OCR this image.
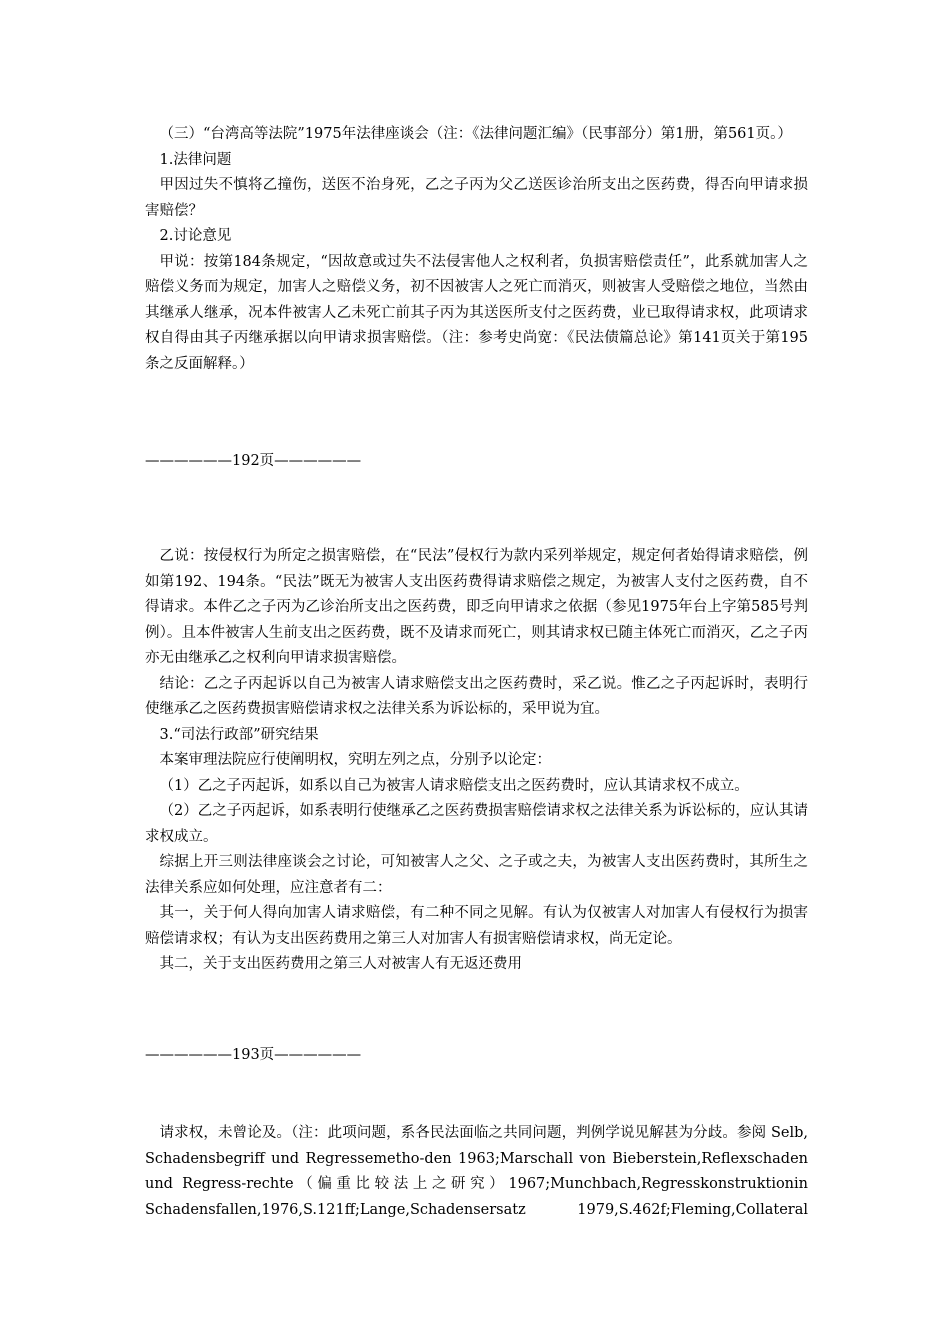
（三）“台湾高等法院”1975年法律座谈会（注：《法律问题汇编》（民事部分）第1册，第561页。）

1.法律问题

甲因过失不慎将乙撞伤，送医不治身死，乙之子丙为父乙送医诊治所支出之医药费，得否向甲请求损害赔偿？

2.讨论意见

甲说：按第184条规定，“因故意或过失不法侵害他人之权利者，负损害赔偿责任”，此系就加害人之赔偿义务而为规定，加害人之赔偿义务，初不因被害人之死亡而消灭，则被害人受赔偿之地位，当然由其继承人继承，况本件被害人乙未死亡前其子丙为其送医所支付之医药费，业已取得请求权，此项请求权自得由其子丙继承据以向甲请求损害赔偿。（注：参考史尚宽：《民法债篇总论》第141页关于第195条之反面解释。）

——————192页——————

乙说：按侵权行为所定之损害赔偿，在“民法”侵权行为款内采列举规定，规定何者始得请求赔偿，例如第192、194条。“民法”既无为被害人支出医药费得请求赔偿之规定，为被害人支付之医药费，自不得请求。本件乙之子丙为乙诊治所支出之医药费，即乏向甲请求之依据（参见1975年台上字第585号判例）。且本件被害人生前支出之医药费，既不及请求而死亡，则其请求权已随主体死亡而消灭，乙之子丙亦无由继承乙之权利向甲请求损害赔偿。

结论：乙之子丙起诉以自己为被害人请求赔偿支出之医药费时，采乙说。惟乙之子丙起诉时，表明行使继承乙之医药费损害赔偿请求权之法律关系为诉讼标的，采甲说为宜。

3.“司法行政部”研究结果

本案审理法院应行使阐明权，究明左列之点，分别予以论定：

（1）乙之子丙起诉，如系以自己为被害人请求赔偿支出之医药费时，应认其请求权不成立。

（2）乙之子丙起诉，如系表明行使继承乙之医药费损害赔偿请求权之法律关系为诉讼标的，应认其请求权成立。

综据上开三则法律座谈会之讨论，可知被害人之父、之子或之夫，为被害人支出医药费时，其所生之法律关系应如何处理，应注意者有二：

其一，关于何人得向加害人请求赔偿，有二种不同之见解。有认为仅被害人对加害人有侵权行为损害赔偿请求权；有认为支出医药费用之第三人对加害人有损害赔偿请求权，尚无定论。

其二，关于支出医药费用之第三人对被害人有无返还费用

——————193页——————

请求权，未曾论及。（注：此项问题，系各民法面临之共同问题，判例学说见解甚为分歧。参阅 Selb, Schadensbegriff und Regressemetho-den 1963;Marschall von Bieberstein,Reflexschaden und Regress-rechte（偏重比较法上之研究）1967;Munchbach,Regresskonstruktionin Schadensfallen,1976,S.121ff;Lange,Schadensersatz 1979,S.462f;Fleming,Collateral
